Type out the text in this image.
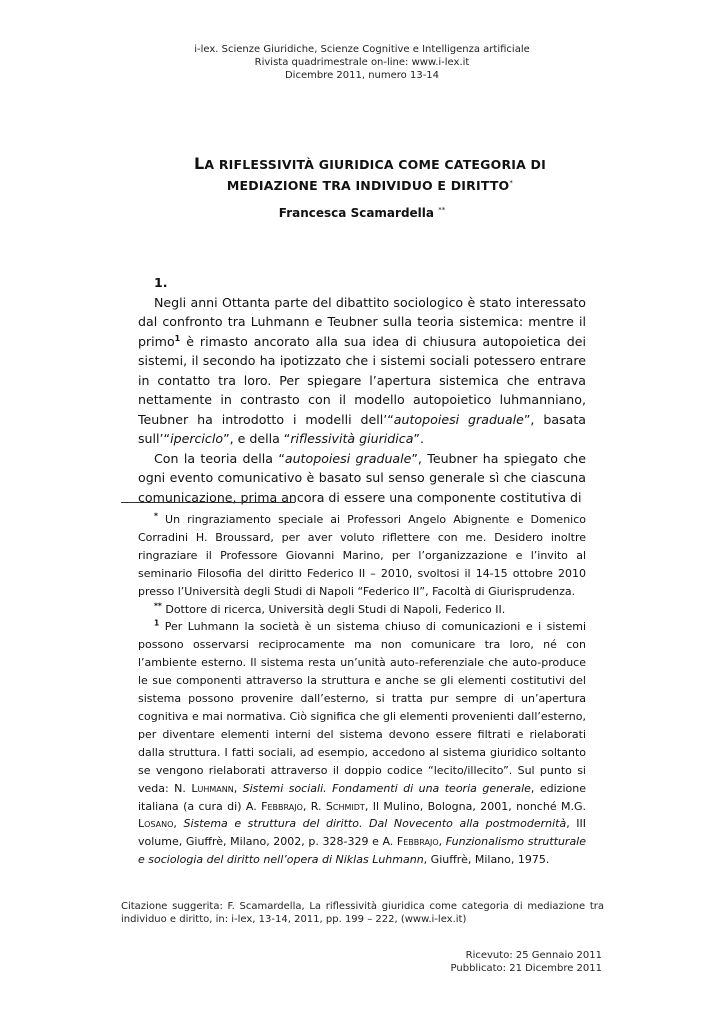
i-lex. Scienze Giuridiche, Scienze Cognitive e Intelligenza artificiale
Rivista quadrimestrale on-line: www.i-lex.it
Dicembre 2011, numero 13-14
LA RIFLESSIVITÀ GIURIDICA COME CATEGORIA DI
MEDIAZIONE TRA INDIVIDUO E DIRITTO*
Francesca Scamardella **
1.

Negli anni Ottanta parte del dibattito sociologico è stato interessato dal confronto tra Luhmann e Teubner sulla teoria sistemica: mentre il primo$^1$ è rimasto ancorato alla sua idea di chiusura autopoietica dei sistemi, il secondo ha ipotizzato che i sistemi sociali potessero entrare in contatto tra loro. Per spiegare l’apertura sistemica che entrava nettamente in contrasto con il modello autopoietico luhmanniano, Teubner ha introdotto i modelli dell’“autopoiesi graduale”, basata sull’“iperciclo”, e della “riflessività giuridica”.

Con la teoria della “autopoiesi graduale”, Teubner ha spiegato che ogni evento comunicativo è basato sul senso generale sì che ciascuna comunicazione, prima ancora di essere una componente costitutiva di

* Un ringraziamento speciale ai Professori Angelo Abignente e Domenico Corradini H. Broussard, per aver voluto riflettere con me. Desidero inoltre ringraziare il Professore Giovanni Marino, per l’organizzazione e l’invito al seminario Filosofia del diritto Federico II – 2010, svoltosi il 14-15 ottobre 2010 presso l’Università degli Studi di Napoli “Federico II”, Facoltà di Giurisprudenza.

** Dottore di ricerca, Università degli Studi di Napoli, Federico II.

$^1$ Per Luhmann la società è un sistema chiuso di comunicazioni e i sistemi possono osservarsi reciprocamente ma non comunicare tra loro, né con l’ambiente esterno. Il sistema resta un’unità auto-referenziale che auto-produce le sue componenti attraverso la struttura e anche se gli elementi costitutivi del sistema possono provenire dall’esterno, si tratta pur sempre di un’apertura cognitiva e mai normativa. Ciò significa che gli elementi provenienti dall’esterno, per diventare elementi interni del sistema devono essere filtrati e rielaborati dalla struttura. I fatti sociali, ad esempio, accedono al sistema giuridico soltanto se vengono rielaborati attraverso il doppio codice “lecito/illecito”. Sul punto si veda: N. Luhmann, Sistemi sociali. Fondamenti di una teoria generale, edizione italiana (a cura di) A. Febbrajo, R. Schmidt, Il Mulino, Bologna, 2001, nonché M.G. Losano, Sistema e struttura del diritto. Dal Novecento alla postmodernità, III volume, Giuffrè, Milano, 2002, p. 328-329 e A. Febbrajo, Funzionalismo strutturale e sociologia del diritto nell’opera di Niklas Luhmann, Giuffrè, Milano, 1975.

Citazione suggerita: F. Scamardella, La riflessività giuridica come categoria di mediazione tra individuo e diritto, in: i-lex, 13-14, 2011, pp. 199 – 222, (www.i-lex.it)
Ricevuto: 25 Gennaio 2011
Pubblicato: 21 Dicembre 2011
